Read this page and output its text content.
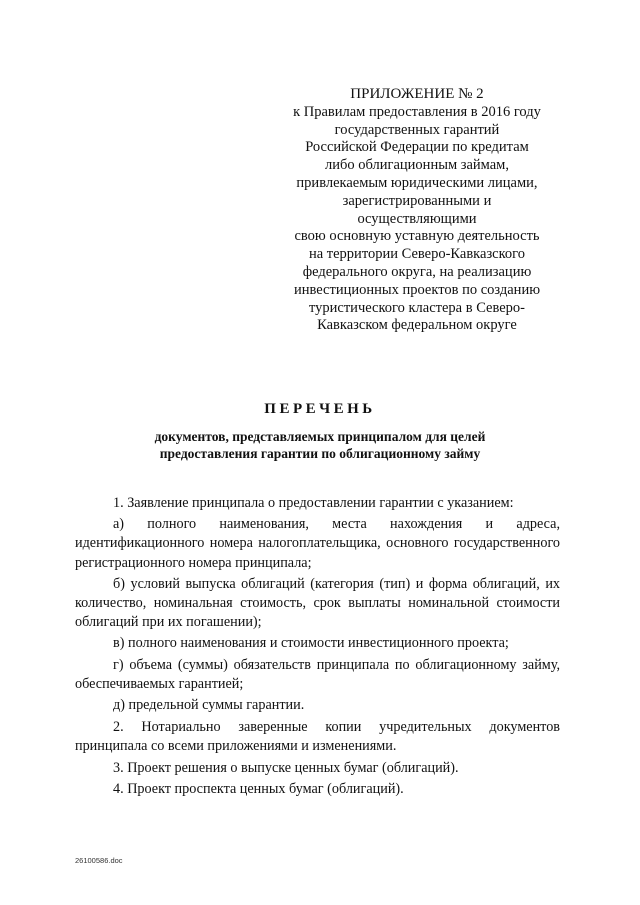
ПРИЛОЖЕНИЕ № 2
к Правилам предоставления в 2016 году
государственных гарантий
Российской Федерации по кредитам
либо облигационным займам,
привлекаемым юридическими лицами,
зарегистрированными и осуществляющими
свою основную уставную деятельность
на территории Северо-Кавказского
федерального округа, на реализацию
инвестиционных проектов по созданию
туристического кластера в Северо-
Кавказском федеральном округе
ПЕРЕЧЕНЬ
документов, представляемых принципалом для целей
предоставления гарантии по облигационному займу

1. Заявление принципала о предоставлении гарантии с указанием:

а) полного наименования, места нахождения и адреса, идентификационного номера налогоплательщика, основного государственного регистрационного номера принципала;

б) условий выпуска облигаций (категория (тип) и форма облигаций, их количество, номинальная стоимость, срок выплаты номинальной стоимости облигаций при их погашении);

в) полного наименования и стоимости инвестиционного проекта;

г) объема (суммы) обязательств принципала по облигационному займу, обеспечиваемых гарантией;

д) предельной суммы гарантии.

2. Нотариально заверенные копии учредительных документов принципала со всеми приложениями и изменениями.

3. Проект решения о выпуске ценных бумаг (облигаций).

4. Проект проспекта ценных бумаг (облигаций).

26100586.doc
